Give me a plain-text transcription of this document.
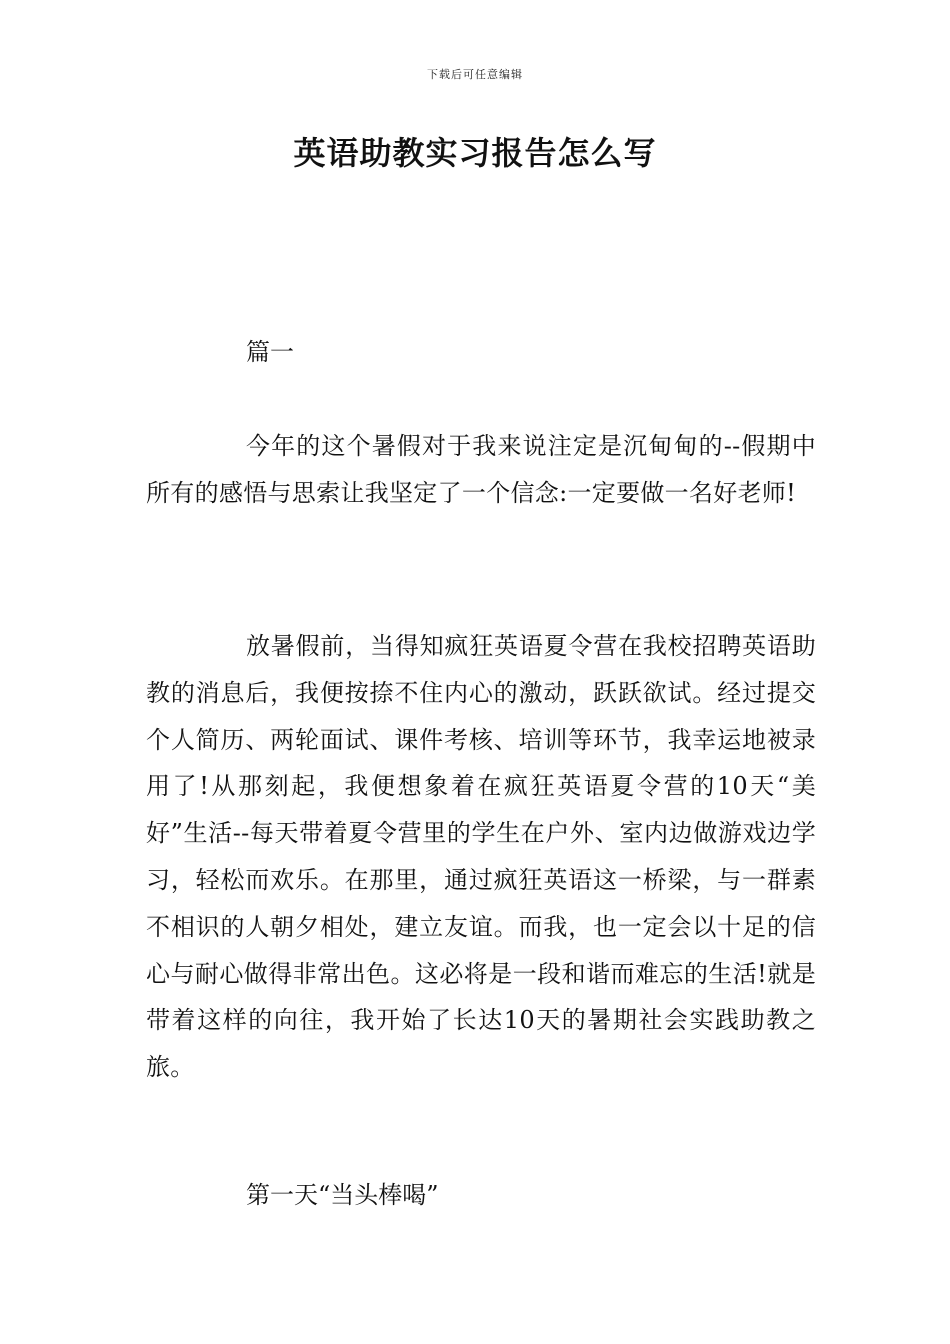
下载后可任意编辑
英语助教实习报告怎么写
篇一
今年的这个暑假对于我来说注定是沉甸甸的--假期中所有的感悟与思索让我坚定了一个信念:一定要做一名好老师!
放暑假前，当得知疯狂英语夏令营在我校招聘英语助教的消息后，我便按捺不住内心的激动，跃跃欲试。经过提交个人简历、两轮面试、课件考核、培训等环节，我幸运地被录用了!从那刻起，我便想象着在疯狂英语夏令营的10天“美好”生活--每天带着夏令营里的学生在户外、室内边做游戏边学习，轻松而欢乐。在那里，通过疯狂英语这一桥梁，与一群素不相识的人朝夕相处，建立友谊。而我，也一定会以十足的信心与耐心做得非常出色。这必将是一段和谐而难忘的生活!就是带着这样的向往，我开始了长达10天的暑期社会实践助教之旅。
第一天“当头棒喝”
